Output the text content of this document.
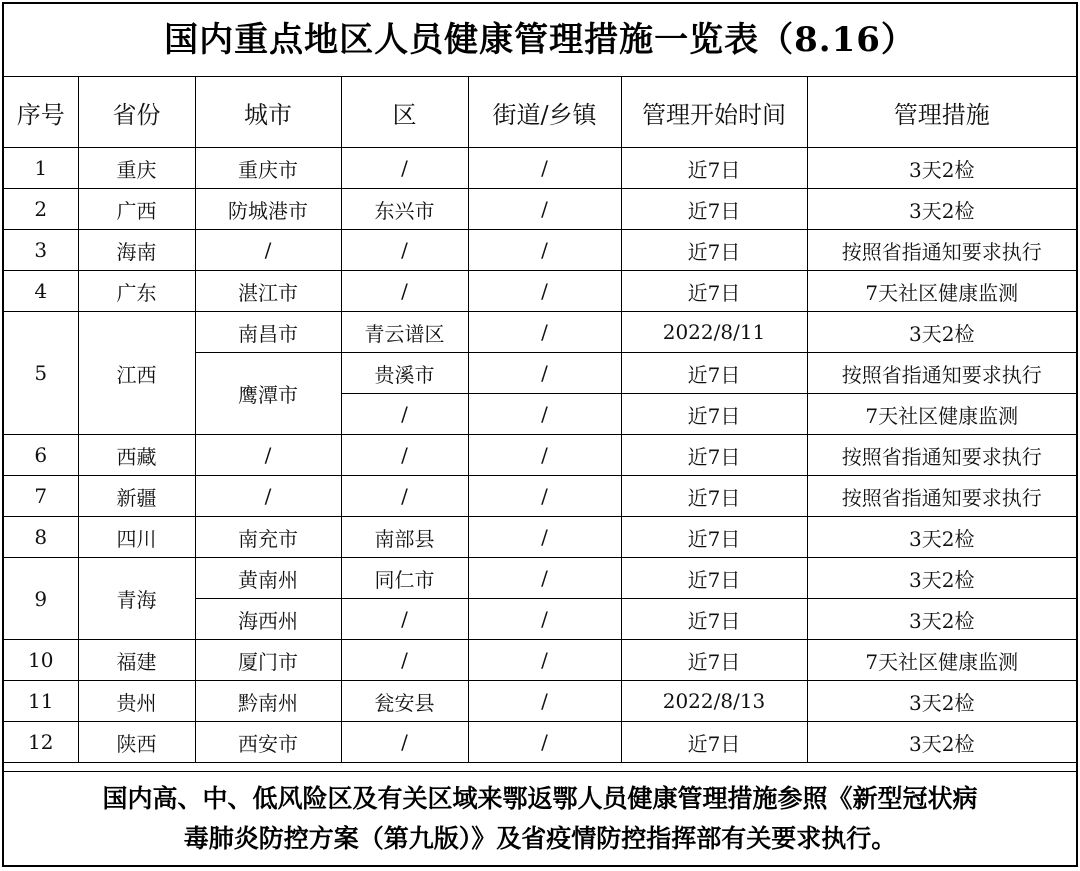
国内重点地区人员健康管理措施一览表（8.16）
序号	省份	城市	区	街道/乡镇	管理开始时间	管理措施
1	重庆	重庆市	/	/	近7日	3天2检
2	广西	防城港市	东兴市	/	近7日	3天2检
3	海南	/	/	/	近7日	按照省指通知要求执行
4	广东	湛江市	/	/	近7日	7天社区健康监测
5	江西	南昌市	青云谱区	/	2022/8/11	3天2检
		鹰潭市	贵溪市	/	近7日	按照省指通知要求执行
			/	/	近7日	7天社区健康监测
6	西藏	/	/	/	近7日	按照省指通知要求执行
7	新疆	/	/	/	近7日	按照省指通知要求执行
8	四川	南充市	南部县	/	近7日	3天2检
9	青海	黄南州	同仁市	/	近7日	3天2检
		海西州	/	/	近7日	3天2检
10	福建	厦门市	/	/	近7日	7天社区健康监测
11	贵州	黔南州	瓮安县	/	2022/8/13	3天2检
12	陕西	西安市	/	/	近7日	3天2检
国内高、中、低风险区及有关区域来鄂返鄂人员健康管理措施参照《新型冠状病
毒肺炎防控方案（第九版）》及省疫情防控指挥部有关要求执行。
